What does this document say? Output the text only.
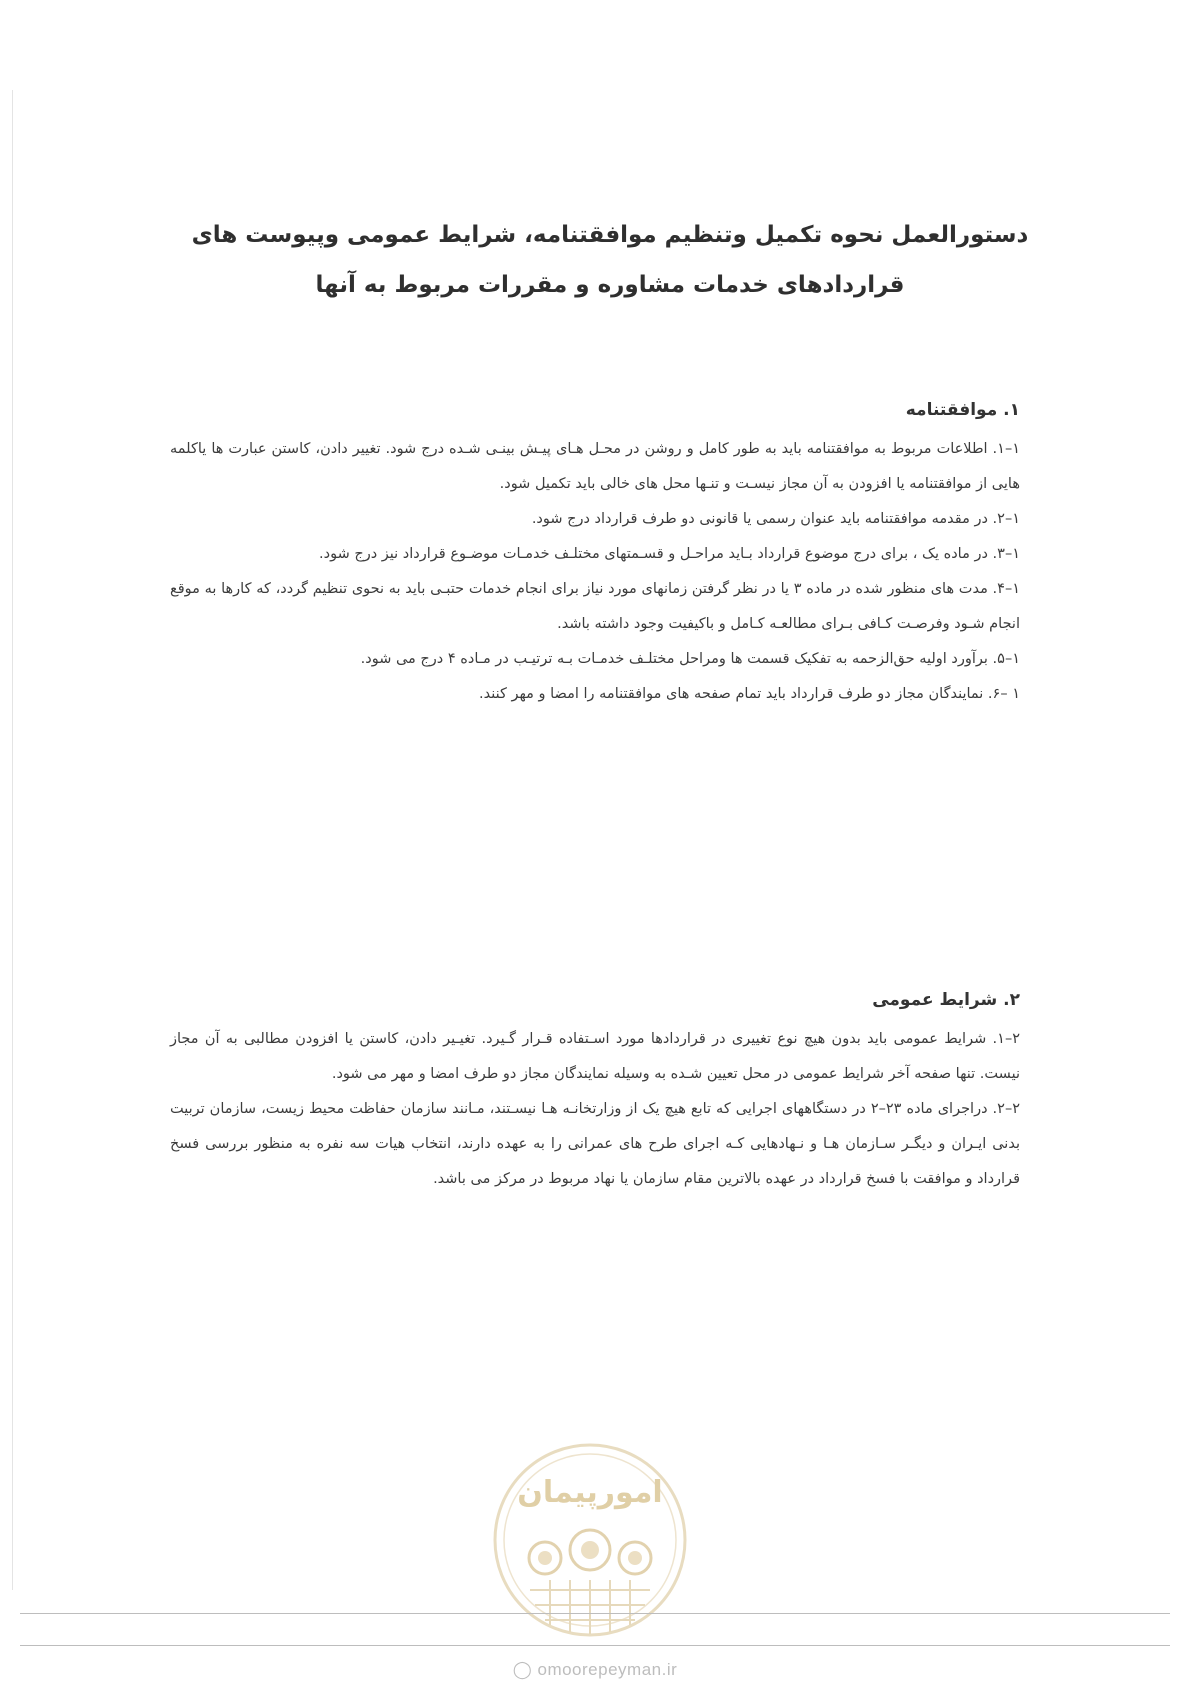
دستورالعمل نحوه تکمیل وتنظیم موافقتنامه، شرایط عمومی وپیوست های
قراردادهای خدمات مشاوره و مقررات مربوط به آنها
۱. موافقتنامه

۱–۱. اطلاعات مربوط به موافقتنامه باید به طور کامل و روشن در محـل هـای پیـش بینـی شـده درج شود. تغییر دادن، کاستن عبارت ها یاکلمه هایی از موافقتنامه یا افزودن به آن مجاز نیسـت و تنـها محل های خالی باید تکمیل شود.

۱–۲. در مقدمه موافقتنامه باید عنوان رسمی یا قانونی دو طرف قرارداد درج شود.

۱–۳. در ماده یک ، برای درج موضوع قرارداد بـاید مراحـل و قسـمتهای مختلـف خدمـات موضـوع قرارداد نیز درج شود.

۱–۴. مدت های منظور شده در ماده ۳ یا در نظر گرفتن زمانهای مورد نیاز برای انجام خدمات حتبـی باید به نحوی تنظیم گردد، که کارها به موقع انجام شـود وفرصـت کـافی بـرای مطالعـه کـامل و باکیفیت وجود داشته باشد.

۱–۵. برآورد اولیه حق‌الزحمه به تفکیک قسمت ها ومراحل مختلـف خدمـات بـه ترتیـب در مـاده ۴ درج می شود.

۱ –۶. نمایندگان مجاز دو طرف قرارداد باید تمام صفحه های موافقتنامه را امضا و مهر کنند.

۲. شرایط عمومی

۲–۱. شرایط عمومی باید بدون هیچ نوع تغییری در قراردادها مورد اسـتفاده قـرار گـیرد. تغیـیر دادن، کاستن یا افزودن مطالبی به آن مجاز نیست. تنها صفحه آخر شرایط عمومی در محل تعیین شـده به وسیله نمایندگان مجاز دو طرف امضا و مهر می شود.

۲–۲. دراجرای ماده ۲۳–۲ در دستگاههای اجرایی که تابع هیچ یک از وزارتخانـه هـا نیسـتند، مـانند سازمان حفاظت محیط زیست، سازمان تربیت بدنی ایـران و دیگـر سـازمان هـا و نـهادهایی کـه اجرای طرح های عمرانی را به عهده دارند، انتخاب هیات سه نفره به منظور بررسی فسخ قرارداد و موافقت با فسخ قرارداد در عهده بالاترین مقام سازمان یا نهاد مربوط در مرکز می باشد.

امورپیمان
◯ omoorepeyman.ir
